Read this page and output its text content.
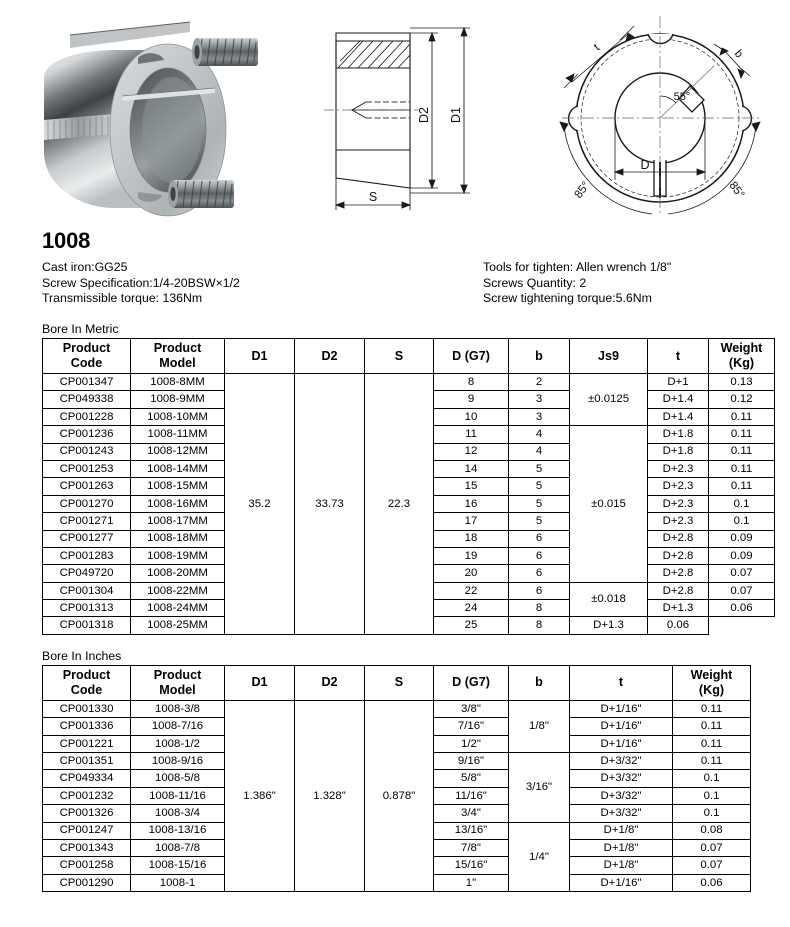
D2 D1
S
55°
t
b
D
85°	85°
1008
Cast iron:GG25
Screw Specification:1/4-20BSW×1/2
Transmissible torque: 136Nm
Tools for tighten: Allen wrench 1/8"
Screws Quantity: 2
Screw tightening torque:5.6Nm
Bore In Metric
Product
Code	Product
Model	D1	D2	S	D (G7)	b	Js9	t	Weight
(Kg)

CP001347	1008-8MM	35.2	33.73	22.3	8	2	±0.0125	D+1	0.13
CP049338	1008-9MM				9	3		D+1.4	0.12
CP001228	1008-10MM				10	3		D+1.4	0.11
CP001236	1008-11MM				11	4	±0.015	D+1.8	0.11
CP001243	1008-12MM				12	4		D+1.8	0.11
CP001253	1008-14MM				14	5		D+2.3	0.11
CP001263	1008-15MM				15	5		D+2.3	0.11
CP001270	1008-16MM				16	5		D+2.3	0.1
CP001271	1008-17MM				17	5		D+2.3	0.1
CP001277	1008-18MM				18	6		D+2.8	0.09
CP001283	1008-19MM				19	6		D+2.8	0.09
CP049720	1008-20MM				20	6		D+2.8	0.07
CP001304	1008-22MM				22	6	±0.018	D+2.8	0.07
CP001313	1008-24MM				24	8		D+1.3	0.06
CP001318	1008-25MM				25	8	D+1.3	0.06	
Bore In Inches
Product
Code	Product
Model	D1	D2	S	D (G7)	b	t	Weight
(Kg)

CP001330	1008-3/8	1.386"	1.328"	0.878"	3/8"	1/8"	D+1/16"	0.11
CP001336	1008-7/16				7/16"		D+1/16"	0.11
CP001221	1008-1/2				1/2"		D+1/16"	0.11
CP001351	1008-9/16				9/16"	3/16"	D+3/32"	0.11
CP049334	1008-5/8				5/8"		D+3/32"	0.1
CP001232	1008-11/16				11/16"		D+3/32"	0.1
CP001326	1008-3/4				3/4"		D+3/32"	0.1
CP001247	1008-13/16				13/16"	1/4"	D+1/8"	0.08
CP001343	1008-7/8				7/8"		D+1/8"	0.07
CP001258	1008-15/16				15/16"		D+1/8"	0.07
CP001290	1008-1				1"		D+1/16"	0.06
